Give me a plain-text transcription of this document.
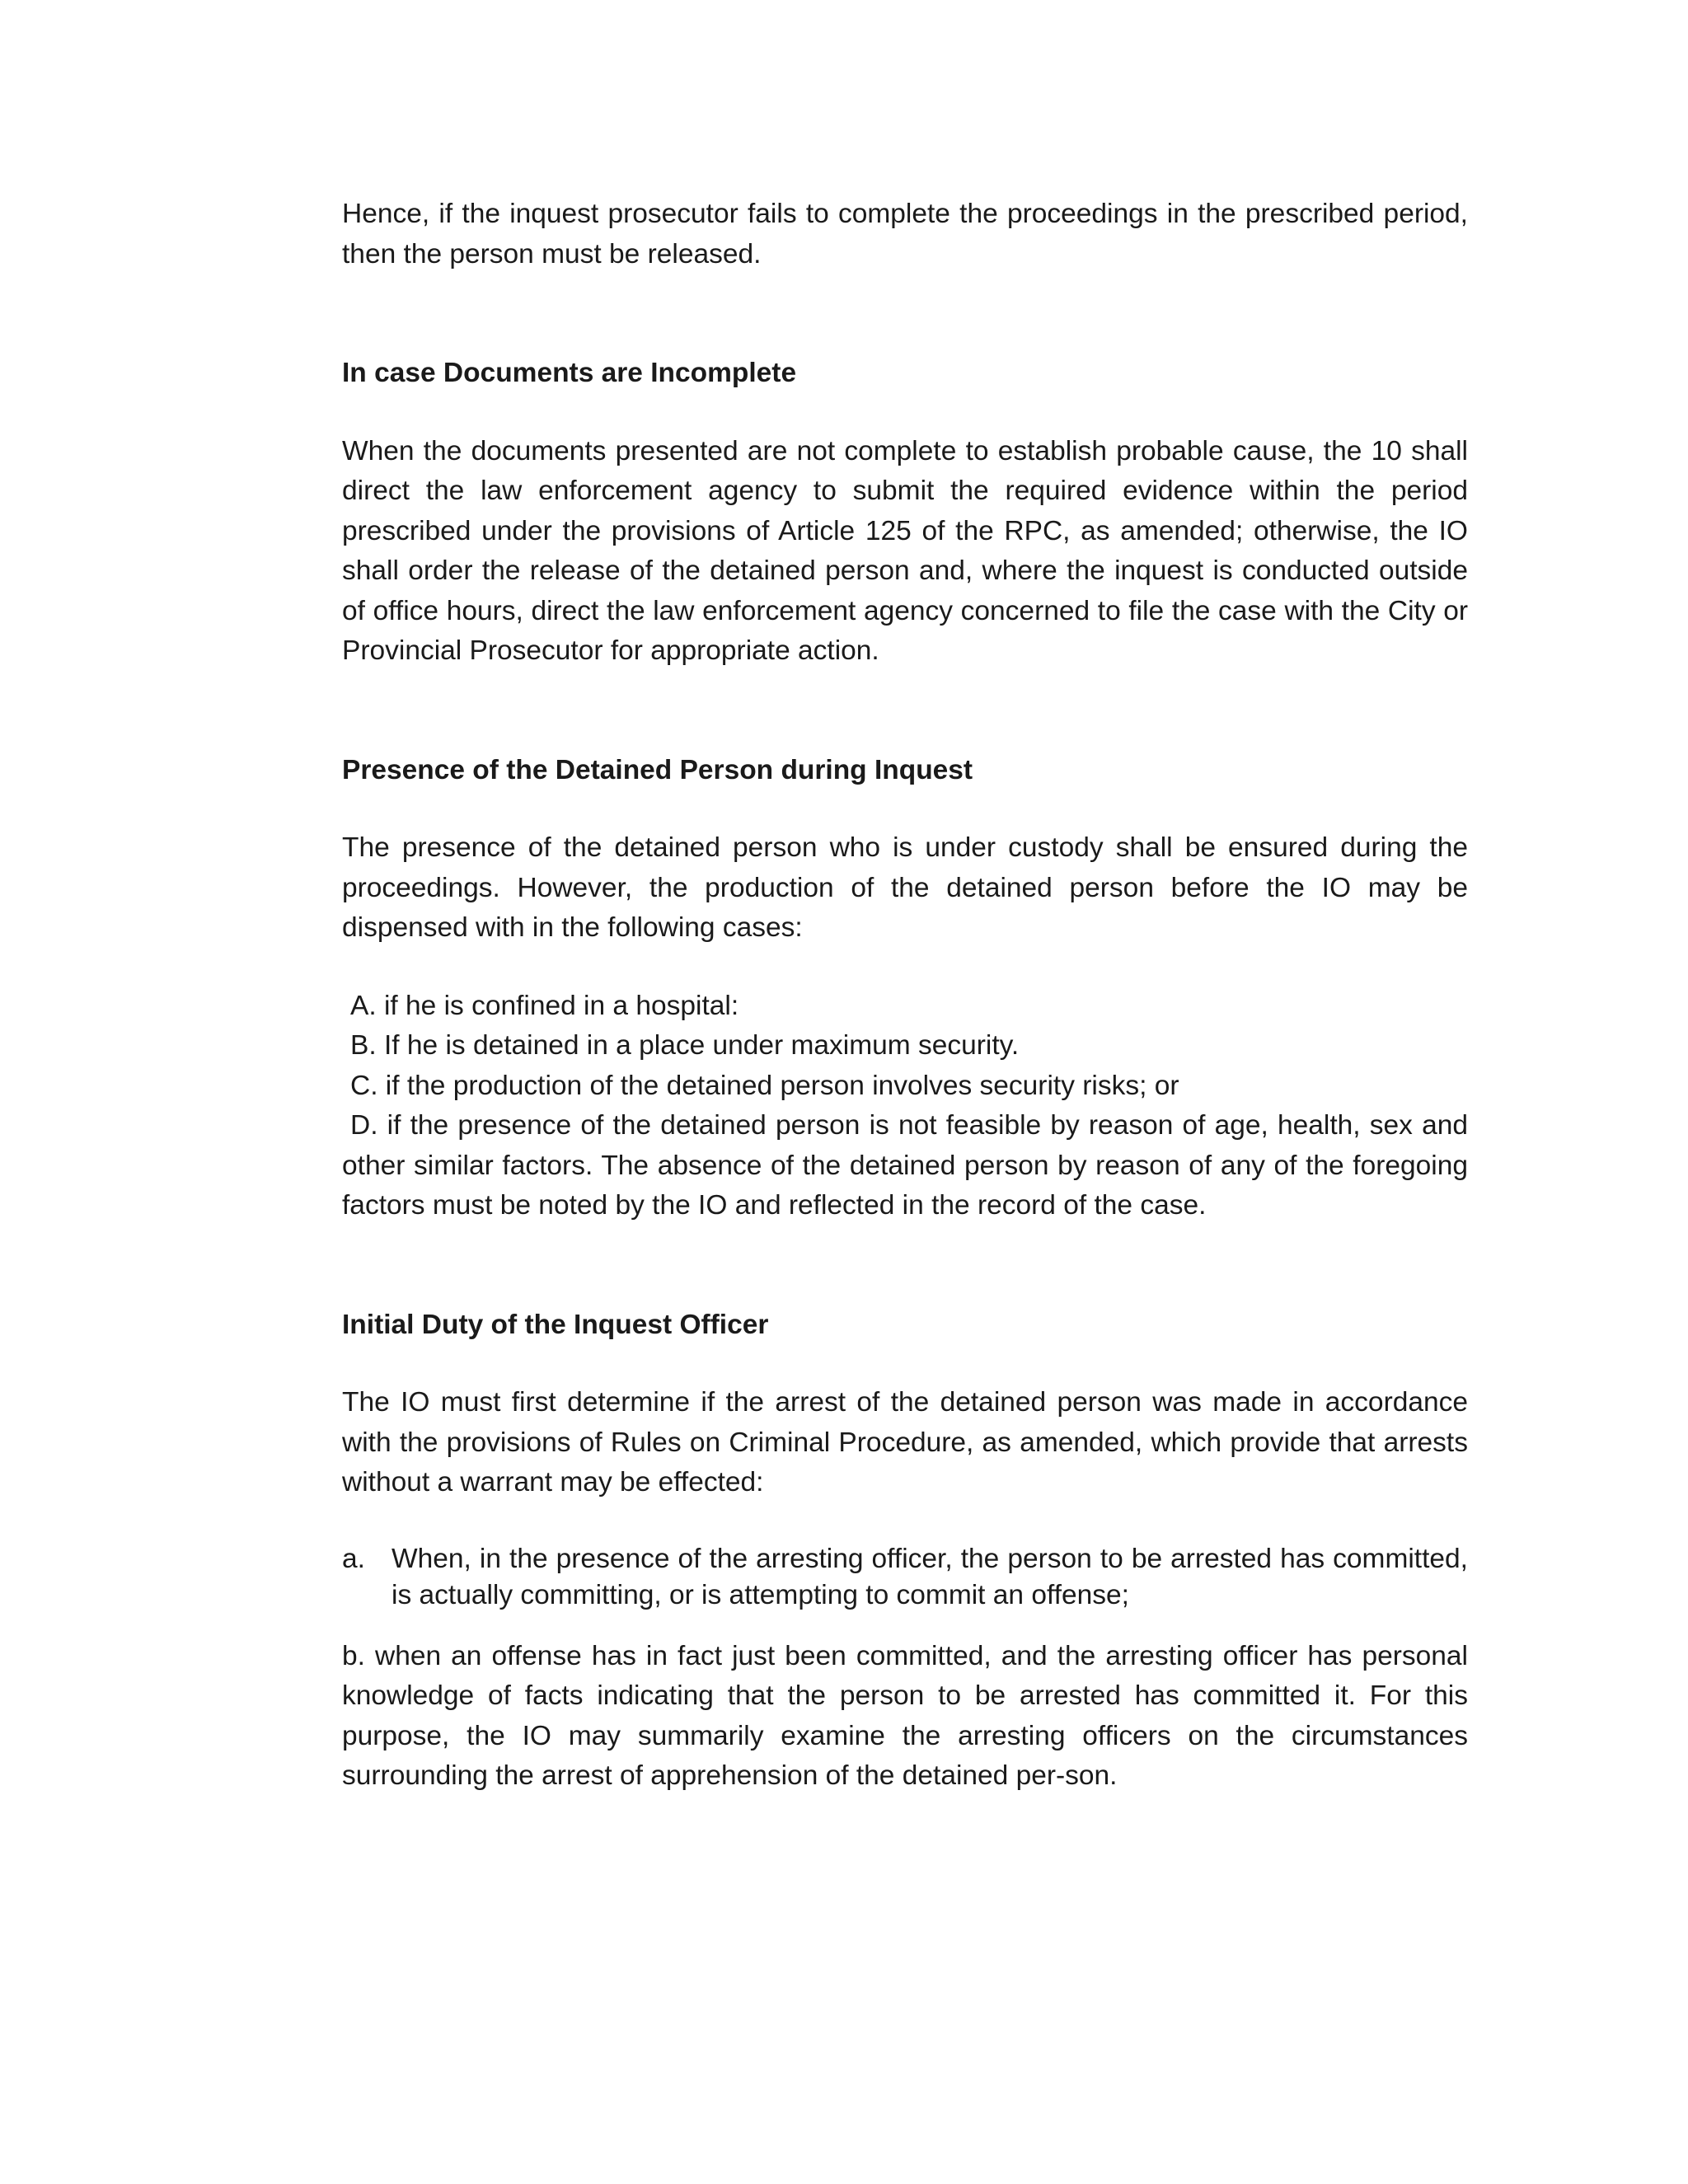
Hence, if the inquest prosecutor fails to complete the proceedings in the prescribed period, then the person must be released.

In case Documents are Incomplete

When the documents presented are not complete to establish probable cause, the 10 shall direct the law enforcement agency to submit the required evidence within the period prescribed under the provisions of Article 125 of the RPC, as amended; otherwise, the IO shall order the release of the detained person and, where the inquest is conducted outside of office hours, direct the law enforcement agency concerned to file the case with the City or Provincial Prosecutor for appropriate action.

Presence of the Detained Person during Inquest

The presence of the detained person who is under custody shall be ensured during the proceedings. However, the production of the detained person before the IO may be dispensed with in the following cases:

A. if he is confined in a hospital:

B. If he is detained in a place under maximum security.

C. if the production of the detained person involves security risks; or

D. if the presence of the detained person is not feasible by reason of age, health, sex and other similar factors. The absence of the detained person by reason of any of the foregoing factors must be noted by the IO and reflected in the record of the case.

Initial Duty of the Inquest Officer

The IO must first determine if the arrest of the detained person was made in accordance with the provisions of Rules on Criminal Procedure, as amended, which provide that arrests without a warrant may be effected:

a. When, in the presence of the arresting officer, the person to be arrested has committed, is actually committing, or is attempting to commit an offense;

b. when an offense has in fact just been committed, and the arresting officer has personal knowledge of facts indicating that the person to be arrested has committed it. For this purpose, the IO may summarily examine the arresting officers on the circumstances surrounding the arrest of apprehension of the detained per-son.
